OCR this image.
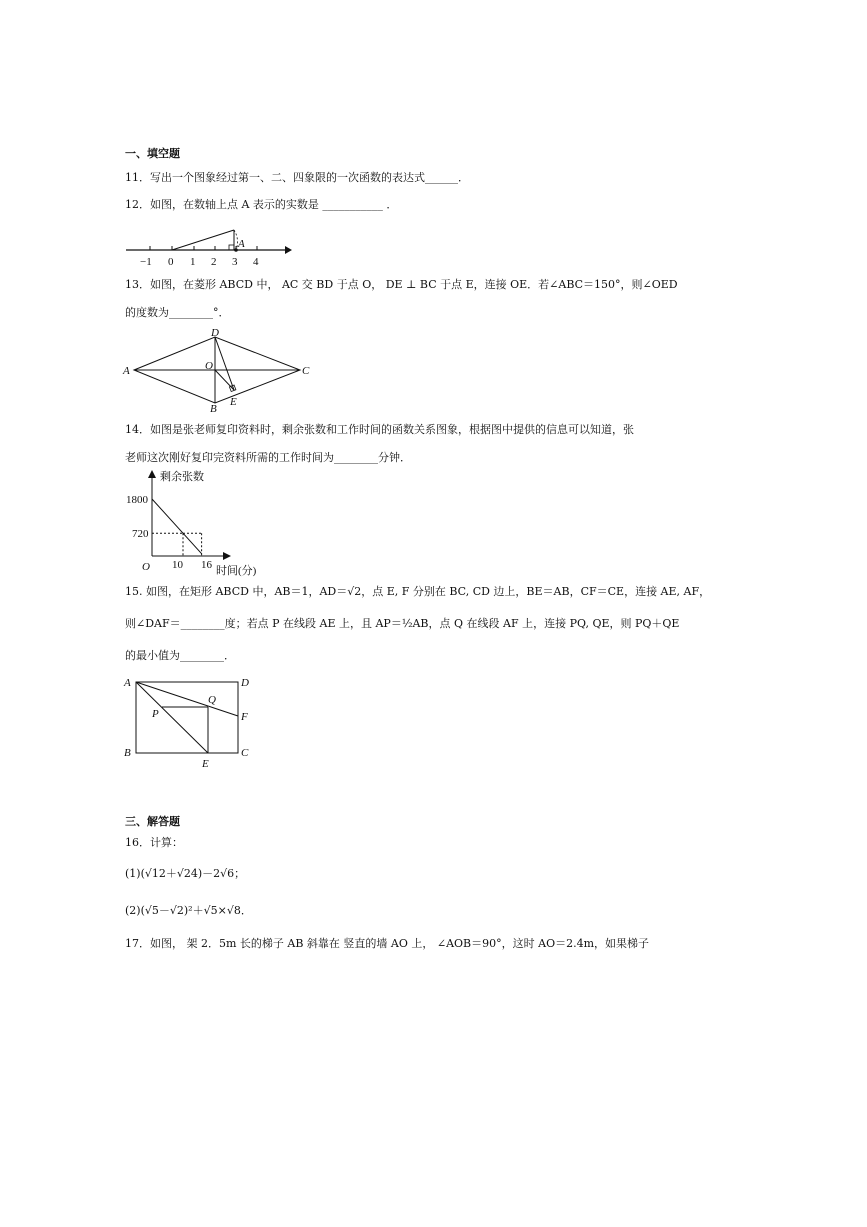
一、填空题
11．写出一个图象经过第一、二、四象限的一次函数的表达式______．
12．如图，在数轴上点 A 表示的实数是 ___________ ．
A
−1 0 1 2 3 4
13．如图，在菱形 ABCD 中， AC 交 BD 于点 O， DE ⊥ BC 于点 E，连接 OE．若∠ABC＝150°，则∠OED
的度数为________°．
A
D
C
B
O
E
14．如图是张老师复印资料时，剩余张数和工作时间的函数关系图象，根据图中提供的信息可以知道，张
老师这次刚好复印完资料所需的工作时间为________分钟．
剩余张数
时间(分)
O
1800
720
10 16
15. 如图，在矩形 ABCD 中，AB＝1，AD＝√2，点 E, F 分别在 BC, CD 边上，BE＝AB，CF＝CE，连接 AE, AF，
则∠DAF＝________度；若点 P 在线段 AE 上，且 AP＝½AB，点 Q 在线段 AF 上，连接 PQ, QE，则 PQ＋QE
的最小值为________．
A	D
B	C
E
F
P
Q
三、解答题
16．计算：
(1)(√12＋√24)－2√6；
(2)(√5－√2)²＋√5×√8．
17．如图， 架 2．5m 长的梯子 AB 斜靠在 竖直的墙 AO 上， ∠AOB＝90°，这时 AO＝2.4m，如果梯子
